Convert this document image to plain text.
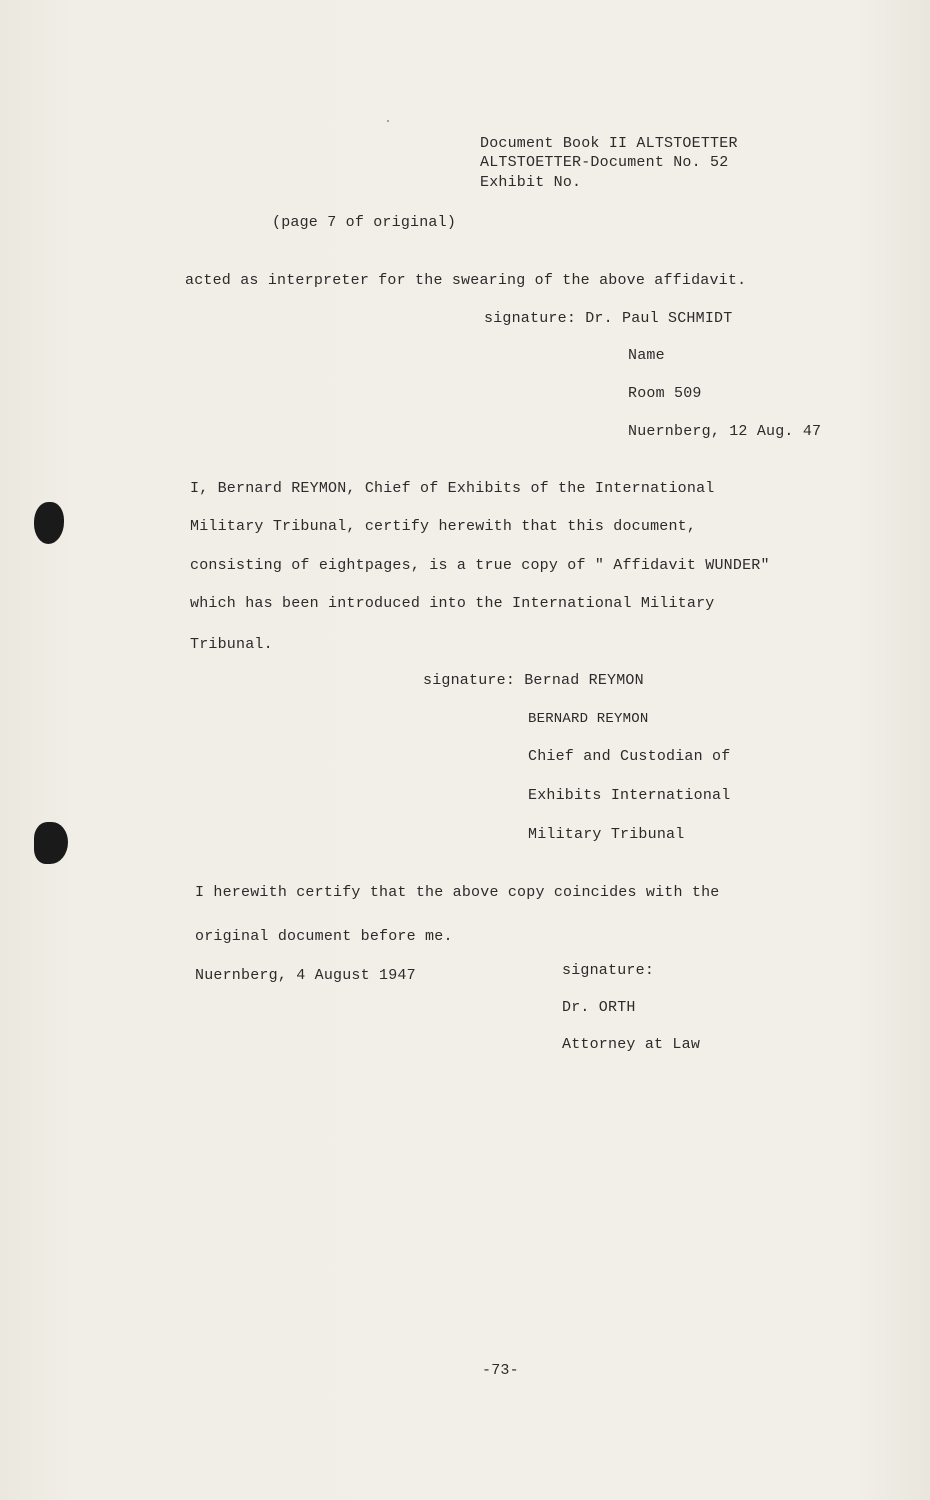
Document Book II ALTSTOETTER
ALTSTOETTER-Document No. 52
Exhibit No.
(page 7 of original)
acted as interpreter for the swearing of the above affidavit.
signature: Dr. Paul SCHMIDT
Name
Room 509
Nuernberg, 12 Aug. 47
I, Bernard REYMON, Chief of Exhibits of the International
Military Tribunal, certify herewith that this document,
consisting of eightpages, is a true copy of " Affidavit WUNDER"
which has been introduced into the International Military
Tribunal.
signature: Bernad REYMON
BERNARD REYMON
Chief and Custodian of
Exhibits International
Military Tribunal
I herewith certify that the above copy coincides with the
original document before me.
Nuernberg, 4 August 1947	signature:
Dr. ORTH
Attorney at Law
-73-
